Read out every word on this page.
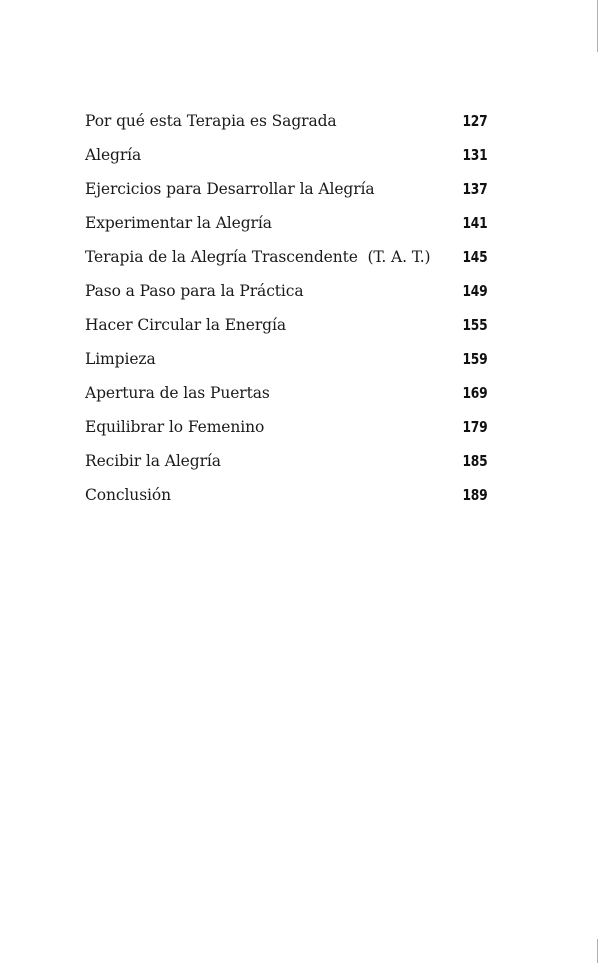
Por qué esta Terapia es Sagrada	127
Alegría	131
Ejercicios para Desarrollar la Alegría	137
Experimentar la Alegría	141
Terapia de la Alegría Trascendente  (T. A. T.) 145
Paso a Paso para la Práctica	149
Hacer Circular la Energía	155
Limpieza	159
Apertura de las Puertas	169
Equilibrar lo Femenino	179
Recibir la Alegría	185
Conclusión	189
